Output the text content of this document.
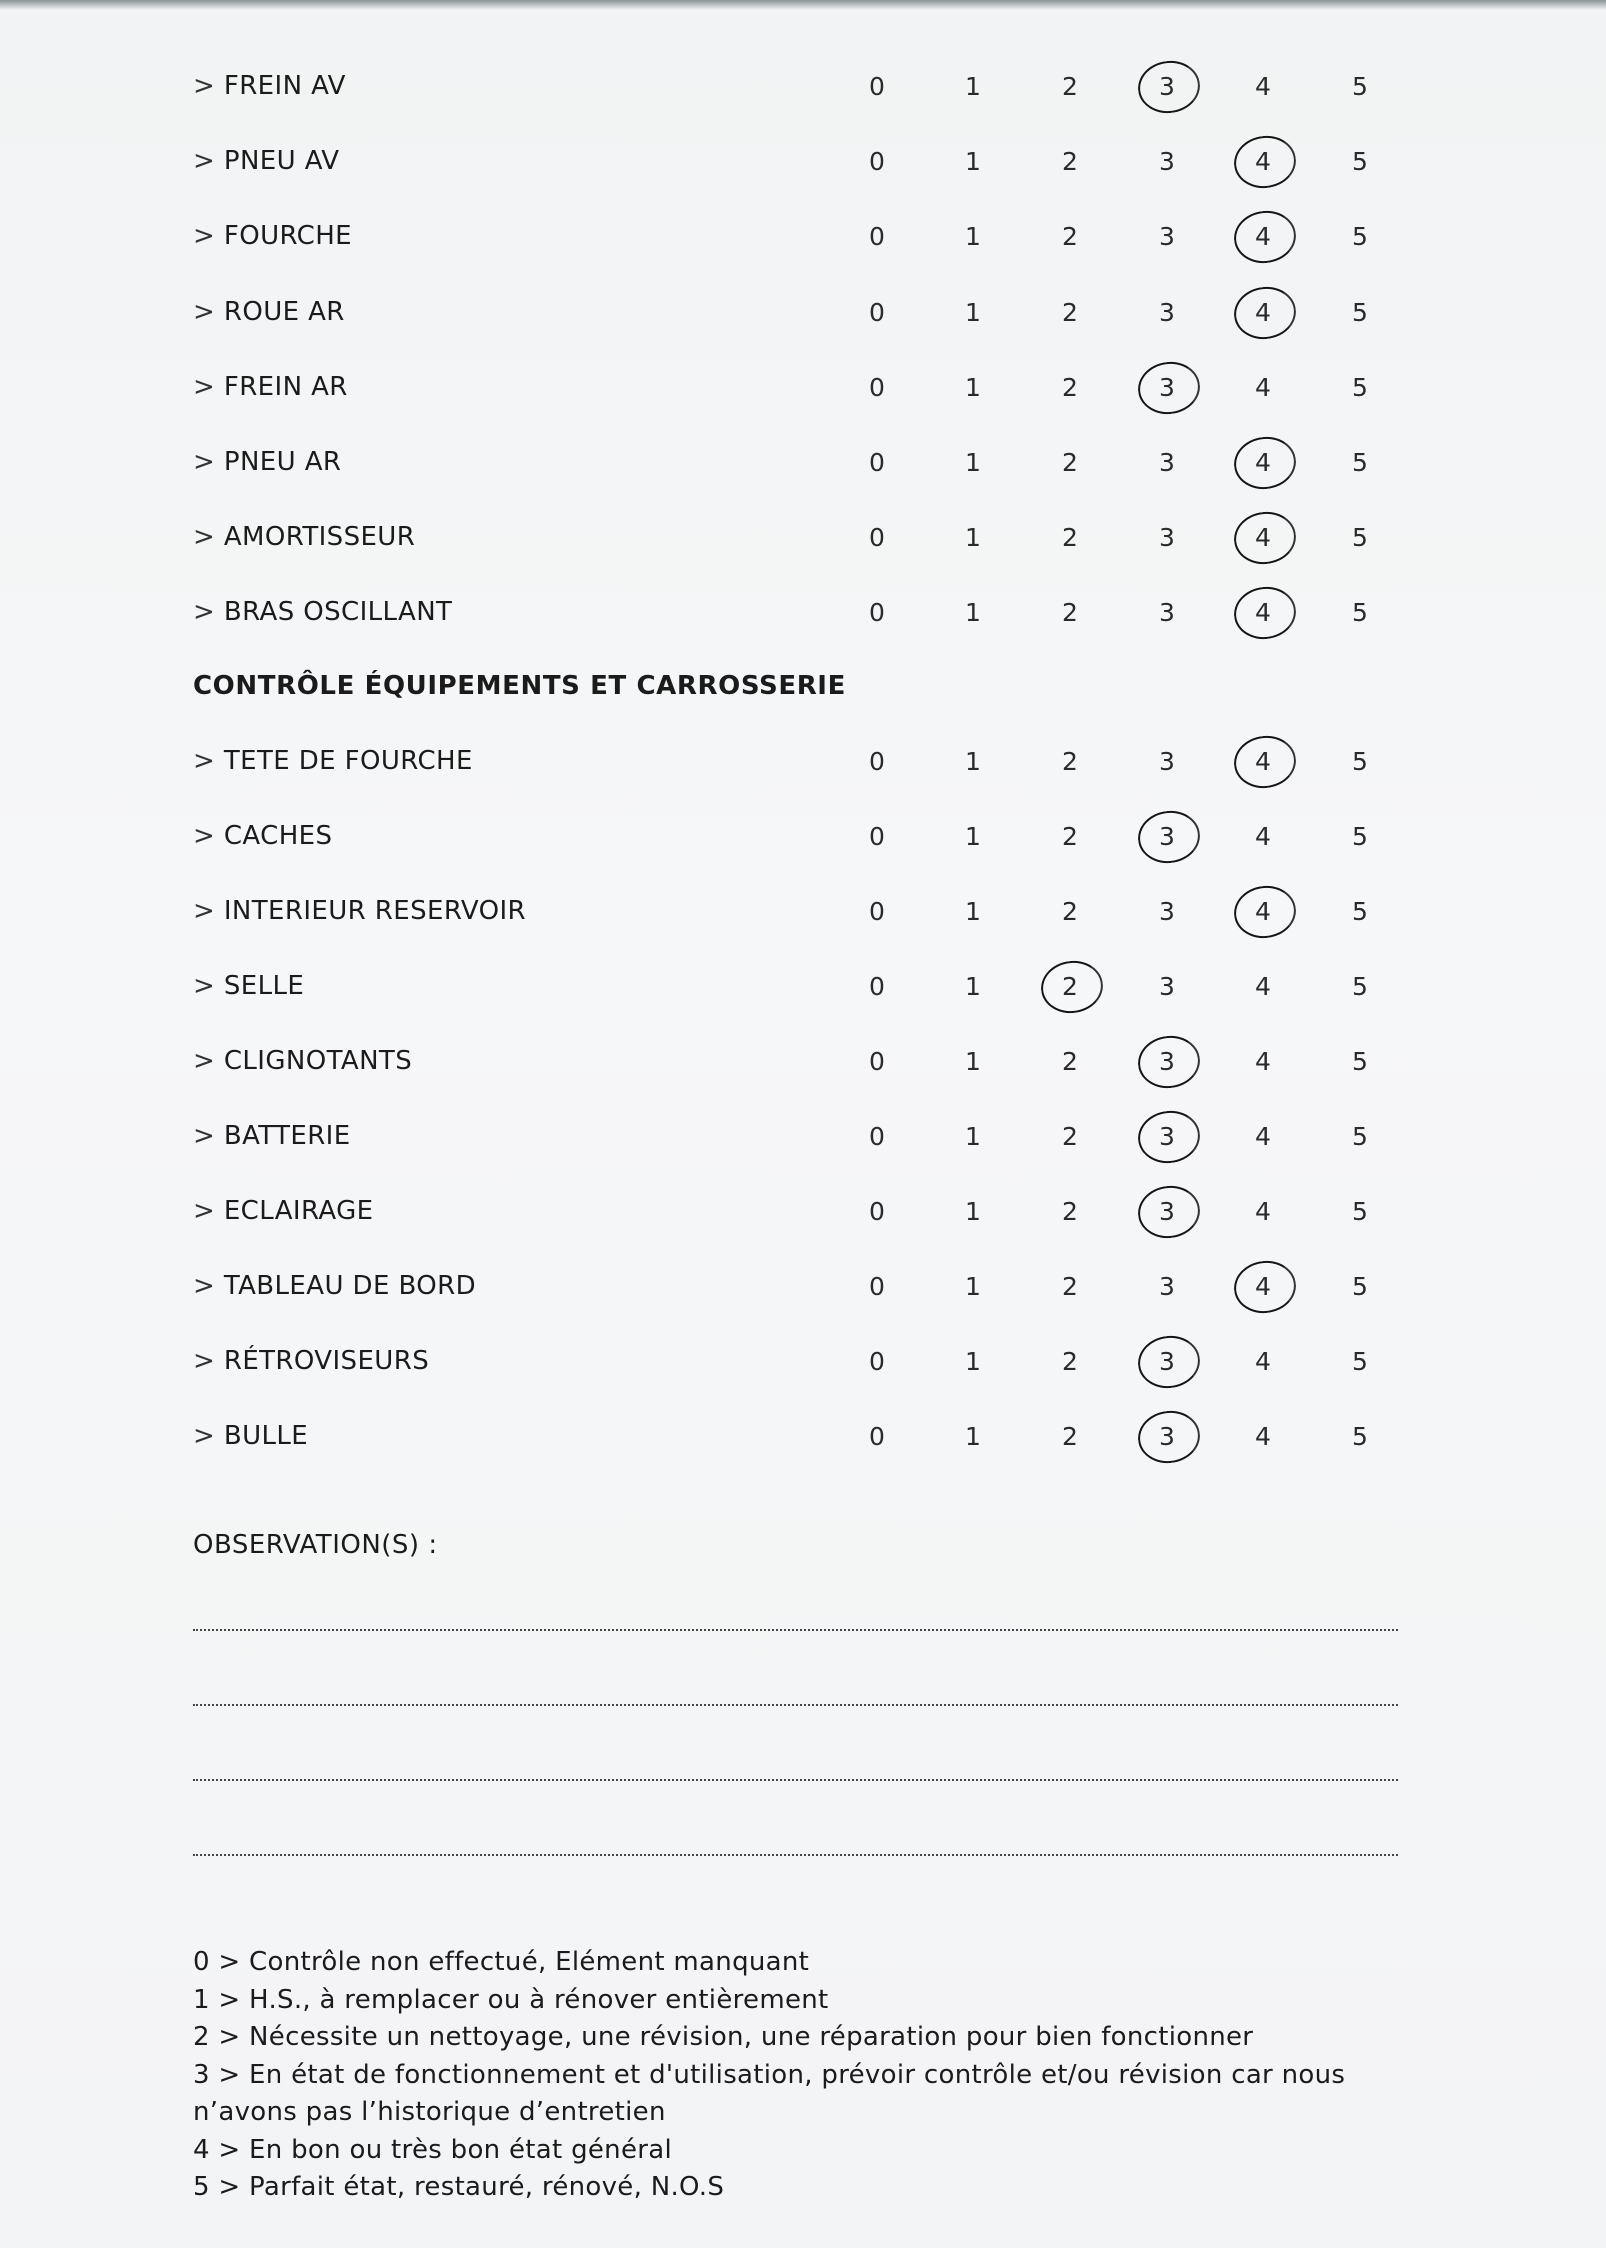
> FREIN AV	0	1	2	3	4	5
> PNEU AV	0	1	2	3	4	5
> FOURCHE	0	1	2	3	4	5
> ROUE AR	0	1	2	3	4	5
> FREIN AR	0	1	2	3	4	5
> PNEU AR	0	1	2	3	4	5
> AMORTISSEUR	0	1	2	3	4	5
> BRAS OSCILLANT	0	1	2	3	4	5
CONTRÔLE ÉQUIPEMENTS ET CARROSSERIE
> TETE DE FOURCHE	0	1	2	3	4	5
> CACHES	0	1	2	3	4	5
> INTERIEUR RESERVOIR	0	1	2	3	4	5
> SELLE	0	1	2	3	4	5
> CLIGNOTANTS	0	1	2	3	4	5
> BATTERIE	0	1	2	3	4	5
> ECLAIRAGE	0	1	2	3	4	5
> TABLEAU DE BORD	0	1	2	3	4	5
> RÉTROVISEURS	0	1	2	3	4	5
> BULLE	0	1	2	3	4	5
OBSERVATION(S) :
0 > Contrôle non effectué, Elément manquant
1 > H.S., à remplacer ou à rénover entièrement
2 > Nécessite un nettoyage, une révision, une réparation pour bien fonctionner
3 > En état de fonctionnement et d'utilisation, prévoir contrôle et/ou révision car nous
n’avons pas l’historique d’entretien
4 > En bon ou très bon état général
5 > Parfait état, restauré, rénové, N.O.S
